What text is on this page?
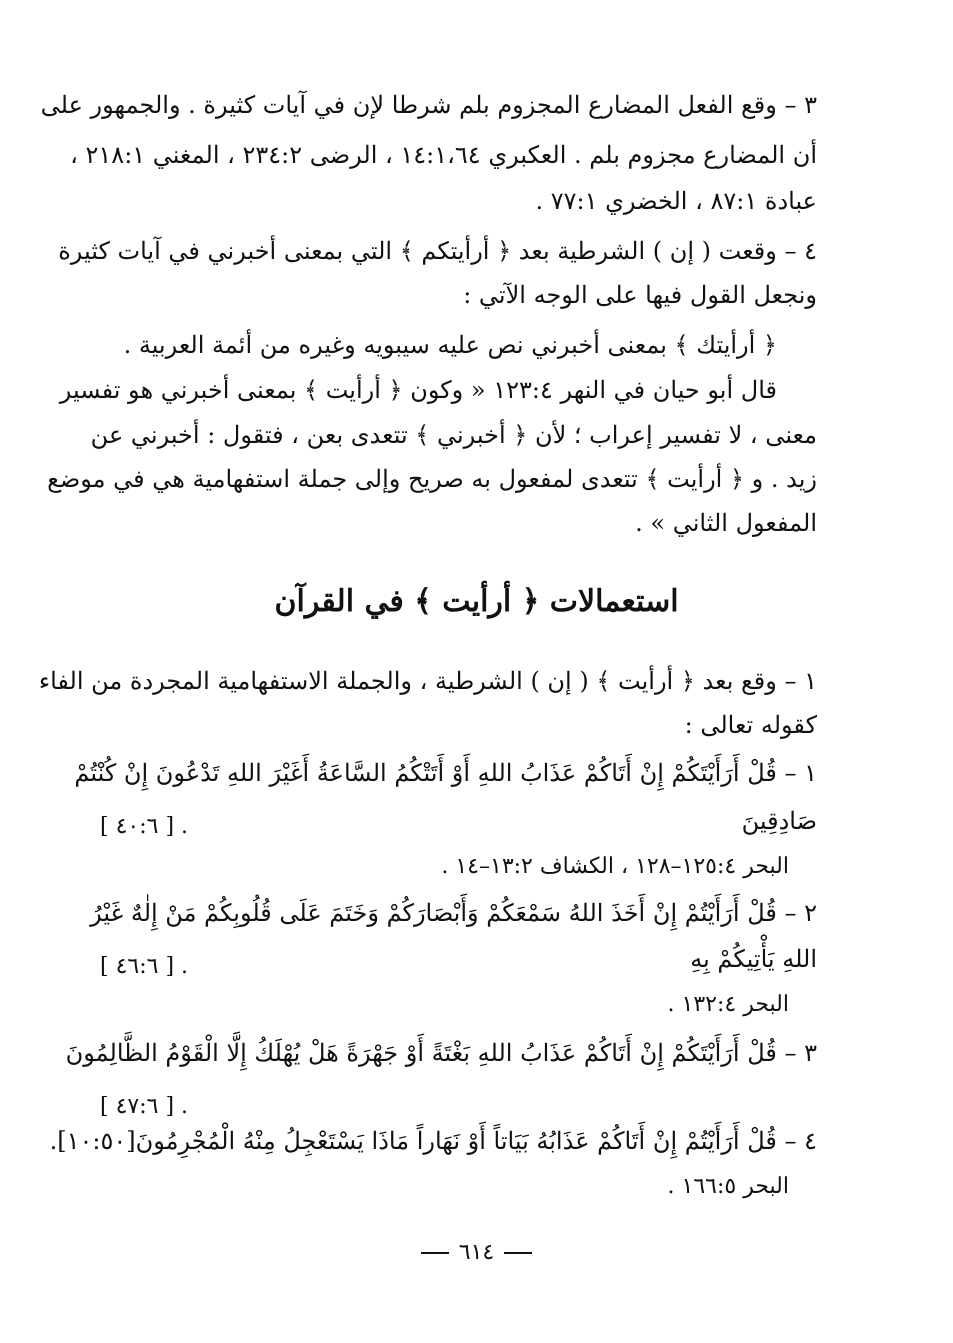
٣ – وقع الفعل المضارع المجزوم بلم شرطا لإن في آيات كثيرة . والجمهور على
أن المضارع مجزوم بلم . العكبري ١٤:١،٦٤ ، الرضى ٢٣٤:٢ ، المغني ٢١٨:١ ،
عبادة ٨٧:١ ، الخضري ٧٧:١ .
٤ – وقعت ( إن ) الشرطية بعد ﴿ أرأيتكم ﴾ التي بمعنى أخبرني في آيات كثيرة
ونجعل القول فيها على الوجه الآتي :
﴿ أرأيتك ﴾ بمعنى أخبرني نص عليه سيبويه وغيره من أئمة العربية .
قال أبو حيان في النهر ١٢٣:٤ « وكون ﴿ أرأيت ﴾ بمعنى أخبرني هو تفسير
معنى ، لا تفسير إعراب ؛ لأن ﴿ أخبرني ﴾ تتعدى بعن ، فتقول : أخبرني عن
زيد . و ﴿ أرأيت ﴾ تتعدى لمفعول به صريح وإلى جملة استفهامية هي في موضع
المفعول الثاني » .
استعمالات ﴿ أرأيت ﴾ في القرآن
١ – وقع بعد ﴿ أرأيت ﴾ ( إن ) الشرطية ، والجملة الاستفهامية المجردة من الفاء
كقوله تعالى :
١ – قُلْ أَرَأَيْتَكُمْ إِنْ أَتَاكُمْ عَذَابُ اللهِ أَوْ أَتَتْكُمُ السَّاعَةُ أَغَيْرَ اللهِ تَدْعُونَ إِنْ كُنْتُمْ
صَادِقِينَ
[ ٤٠:٦ ] .
البحر ١٢٥:٤–١٢٨ ، الكشاف ١٣:٢–١٤ .
٢ – قُلْ أَرَأَيْتُمْ إِنْ أَخَذَ اللهُ سَمْعَكُمْ وَأَبْصَارَكُمْ وَخَتَمَ عَلَى قُلُوبِكُمْ مَنْ إِلٰهٌ غَيْرُ
اللهِ يَأْتِيكُمْ بِهِ
[ ٤٦:٦ ] .
البحر ١٣٢:٤ .
٣ – قُلْ أَرَأَيْتَكُمْ إِنْ أَتَاكُمْ عَذَابُ اللهِ بَغْتَةً أَوْ جَهْرَةً هَلْ يُهْلَكُ إِلَّا الْقَوْمُ الظَّالِمُونَ
[ ٤٧:٦ ] .
٤ – قُلْ أَرَأَيْتُمْ إِنْ أَتَاكُمْ عَذَابُهُ بَيَاتاً أَوْ نَهَاراً مَاذَا يَسْتَعْجِلُ مِنْهُ الْمُجْرِمُونَ[١٠:٥٠].
البحر ١٦٦:٥ .
٦١٤
